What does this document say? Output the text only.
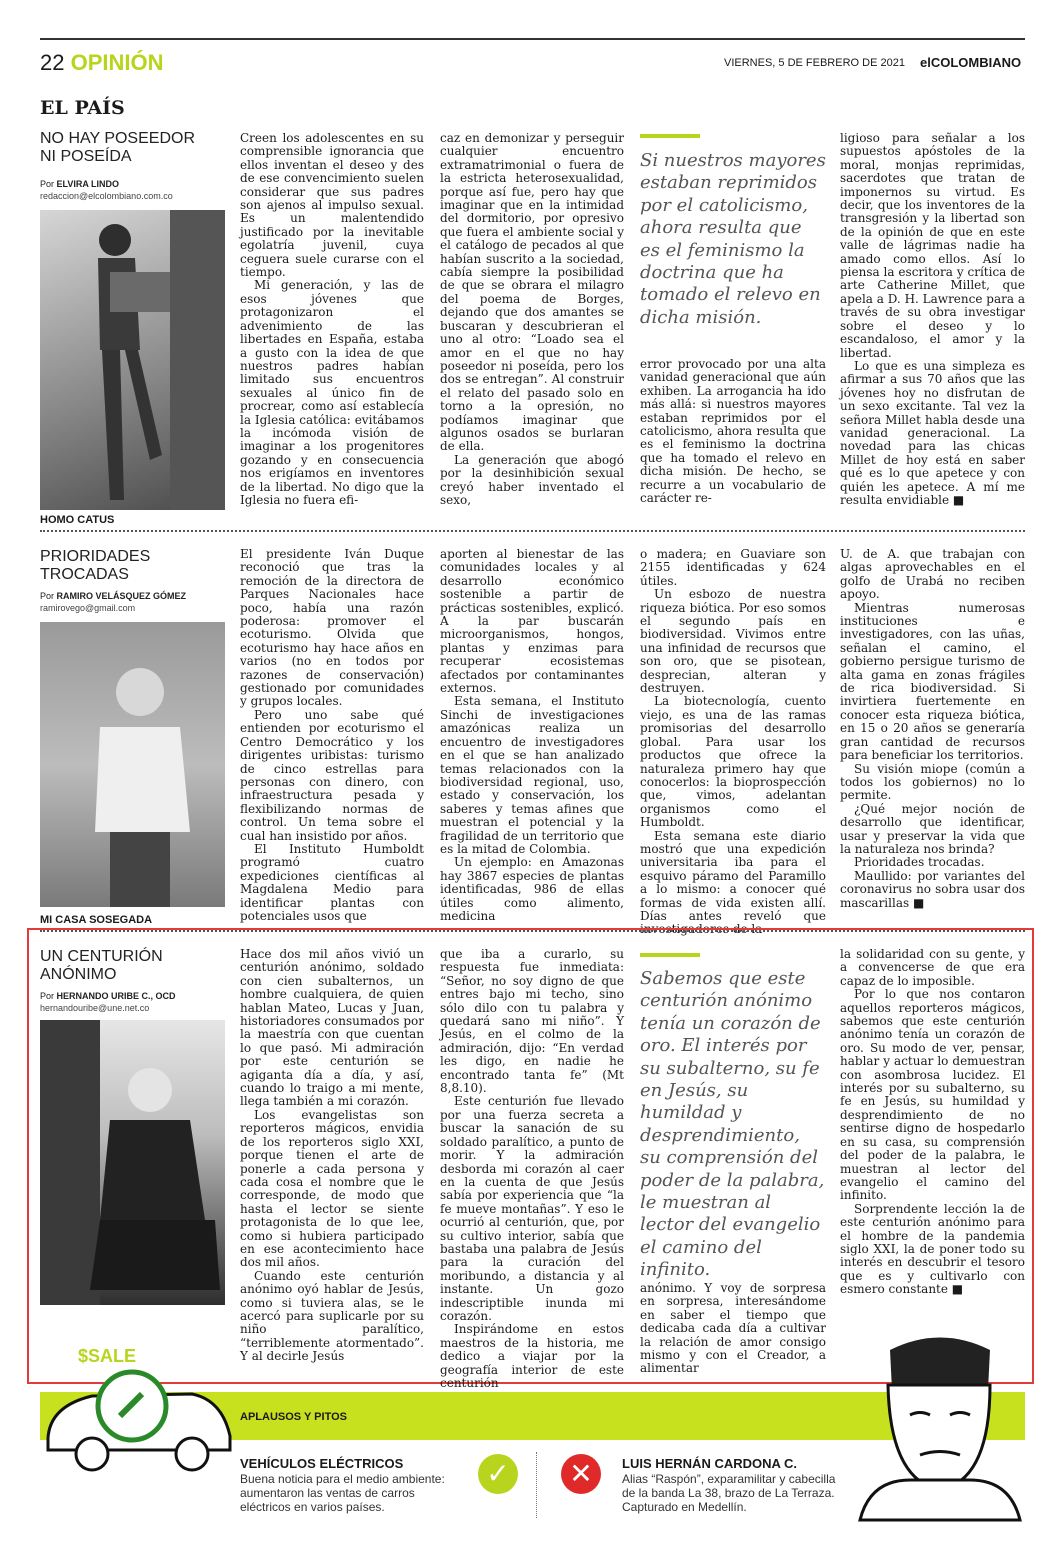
22 OPINIÓN	VIERNES, 5 DE FEBRERO DE 2021 elCOLOMBIANO
EL PAÍS
NO HAY POSEEDOR NI POSEÍDA
Por ELVIRA LINDO
redaccion@elcolombiano.com.co
HOMO CATUS

Creen los adolescentes en su comprensible ignorancia que ellos inventan el deseo y des de ese convencimiento suelen considerar que sus padres son ajenos al impulso sexual. Es un malentendido justificado por la inevitable egolatría juvenil, cuya ceguera suele curarse con el tiempo.

Mi generación, y las de esos jóvenes que protagonizaron el advenimiento de las libertades en España, estaba a gusto con la idea de que nuestros padres habían limitado sus encuentros sexuales al único fin de procrear, como así establecía la Iglesia católica: evitábamos la incómoda visión de imaginar a los progenitores gozando y en consecuencia nos erigíamos en inventores de la libertad. No digo que la Iglesia no fuera efi-

caz en demonizar y perseguir cualquier encuentro extramatrimonial o fuera de la estricta heterosexualidad, porque así fue, pero hay que imaginar que en la intimidad del dormitorio, por opresivo que fuera el ambiente social y el catálogo de pecados al que habían suscrito a la sociedad, cabía siempre la posibilidad de que se obrara el milagro del poema de Borges, dejando que dos amantes se buscaran y descubrieran el uno al otro: “Loado sea el amor en el que no hay poseedor ni poseída, pero los dos se entregan”. Al construir el relato del pasado solo en torno a la opresión, no podíamos imaginar que algunos osados se burlaran de ella.

La generación que abogó por la desinhibición sexual creyó haber inventado el sexo,

Si nuestros mayores estaban reprimidos por el catolicismo, ahora resulta que es el feminismo la doctrina que ha tomado el relevo en dicha misión.

error provocado por una alta vanidad generacional que aún exhiben. La arrogancia ha ido más allá: si nuestros mayores estaban reprimidos por el catolicismo, ahora resulta que es el feminismo la doctrina que ha tomado el relevo en dicha misión. De hecho, se recurre a un vocabulario de carácter re-

ligioso para señalar a los supuestos apóstoles de la moral, monjas reprimidas, sacerdotes que tratan de imponernos su virtud. Es decir, que los inventores de la transgresión y la libertad son de la opinión de que en este valle de lágrimas nadie ha amado como ellos. Así lo piensa la escritora y crítica de arte Catherine Millet, que apela a D. H. Lawrence para a través de su obra investigar sobre el deseo y lo escandaloso, el amor y la libertad.

Lo que es una simpleza es afirmar a sus 70 años que las jóvenes hoy no disfrutan de un sexo excitante. Tal vez la señora Millet habla desde una vanidad generacional. La novedad para las chicas Millet de hoy está en saber qué es lo que apetece y con quién les apetece. A mí me resulta envidiable ■

PRIORIDADES TROCADAS
Por RAMIRO VELÁSQUEZ GÓMEZ
ramirovego@gmail.com
MI CASA SOSEGADA

El presidente Iván Duque reconoció que tras la remoción de la directora de Parques Nacionales hace poco, había una razón poderosa: promover el ecoturismo. Olvida que ecoturismo hay hace años en varios (no en todos por razones de conservación) gestionado por comunidades y grupos locales.

Pero uno sabe qué entienden por ecoturismo el Centro Democrático y los dirigentes uribistas: turismo de cinco estrellas para personas con dinero, con infraestructura pesada y flexibilizando normas de control. Un tema sobre el cual han insistido por años.

El Instituto Humboldt programó cuatro expediciones científicas al Magdalena Medio para identificar plantas con potenciales usos que

aporten al bienestar de las comunidades locales y al desarrollo económico sostenible a partir de prácticas sostenibles, explicó. A la par buscarán microorganismos, hongos, plantas y enzimas para recuperar ecosistemas afectados por contaminantes externos.

Esta semana, el Instituto Sinchi de investigaciones amazónicas realiza un encuentro de investigadores en el que se han analizado temas relacionados con la biodiversidad regional, uso, estado y conservación, los saberes y temas afines que muestran el potencial y la fragilidad de un territorio que es la mitad de Colombia.

Un ejemplo: en Amazonas hay 3867 especies de plantas identificadas, 986 de ellas útiles como alimento, medicina

o madera; en Guaviare son 2155 identificadas y 624 útiles.

Un esbozo de nuestra riqueza biótica. Por eso somos el segundo país en biodiversidad. Vivimos entre una infinidad de recursos que son oro, que se pisotean, desprecian, alteran y destruyen.

La biotecnología, cuento viejo, es una de las ramas promisorias del desarrollo global. Para usar los productos que ofrece la naturaleza primero hay que conocerlos: la bioprospección que, vimos, adelantan organismos como el Humboldt.

Esta semana este diario mostró que una expedición universitaria iba para el esquivo páramo del Paramillo a lo mismo: a conocer qué formas de vida existen allí. Días antes reveló que investigadores de la

U. de A. que trabajan con algas aprovechables en el golfo de Urabá no reciben apoyo.

Mientras numerosas instituciones e investigadores, con las uñas, señalan el camino, el gobierno persigue turismo de alta gama en zonas frágiles de rica biodiversidad. Si invirtiera fuertemente en conocer esta riqueza biótica, en 15 o 20 años se generaría gran cantidad de recursos para beneficiar los territorios.

Su visión miope (común a todos los gobiernos) no lo permite.

¿Qué mejor noción de desarrollo que identificar, usar y preservar la vida que la naturaleza nos brinda?

Prioridades trocadas.

Maullido: por variantes del coronavirus no sobra usar dos mascarillas ■

UN CENTURIÓN ANÓNIMO
Por HERNANDO URIBE C., OCD
hernandouribe@une.net.co

Hace dos mil años vivió un centurión anónimo, soldado con cien subalternos, un hombre cualquiera, de quien hablan Mateo, Lucas y Juan, historiadores consumados por la maestría con que cuentan lo que pasó. Mi admiración por este centurión se agiganta día a día, y así, cuando lo traigo a mi mente, llega también a mi corazón.

Los evangelistas son reporteros mágicos, envidia de los reporteros siglo XXI, porque tienen el arte de ponerle a cada persona y cada cosa el nombre que le corresponde, de modo que hasta el lector se siente protagonista de lo que lee, como si hubiera participado en ese acontecimiento hace dos mil años.

Cuando este centurión anónimo oyó hablar de Jesús, como si tuviera alas, se le acercó para suplicarle por su niño paralítico, “terriblemente atormentado”. Y al decirle Jesús

que iba a curarlo, su respuesta fue inmediata: “Señor, no soy digno de que entres bajo mi techo, sino sólo dilo con tu palabra y quedará sano mi niño”. Y Jesús, en el colmo de la admiración, dijo: “En verdad les digo, en nadie he encontrado tanta fe” (Mt 8,8.10).

Este centurión fue llevado por una fuerza secreta a buscar la sanación de su soldado paralítico, a punto de morir. Y la admiración desborda mi corazón al caer en la cuenta de que Jesús sabía por experiencia que “la fe mueve montañas”. Y eso le ocurrió al centurión, que, por su cultivo interior, sabía que bastaba una palabra de Jesús para la curación del moribundo, a distancia y al instante. Un gozo indescriptible inunda mi corazón.

Inspirándome en estos maestros de la historia, me dedico a viajar por la geografía interior de este centurión

Sabemos que este centurión anónimo tenía un corazón de oro. El interés por su subalterno, su fe en Jesús, su humildad y desprendimiento, su comprensión del poder de la palabra, le muestran al lector del evangelio el camino del infinito.

anónimo. Y voy de sorpresa en sorpresa, interesándome en saber el tiempo que dedicaba cada día a cultivar la relación de amor consigo mismo y con el Creador, a alimentar

la solidaridad con su gente, y a convencerse de que era capaz de lo imposible.

Por lo que nos contaron aquellos reporteros mágicos, sabemos que este centurión anónimo tenía un corazón de oro. Su modo de ver, pensar, hablar y actuar lo demuestran con asombrosa lucidez. El interés por su subalterno, su fe en Jesús, su humildad y desprendimiento de no sentirse digno de hospedarlo en su casa, su comprensión del poder de la palabra, le muestran al lector del evangelio el camino del infinito.

Sorprendente lección la de este centurión anónimo para el hombre de la pandemia siglo XXI, la de poner todo su interés en descubrir el tesoro que es y cultivarlo con esmero constante ■

APLAUSOS Y PITOS
$SALE
VEHÍCULOS ELÉCTRICOS
Buena noticia para el medio ambiente: aumentaron las ventas de carros eléctricos en varios países.
✓ ✕	LUIS HERNÁN CARDONA C.
Alias “Raspón”, exparamilitar y cabecilla de la banda La 38, brazo de La Terraza. Capturado en Medellín.
